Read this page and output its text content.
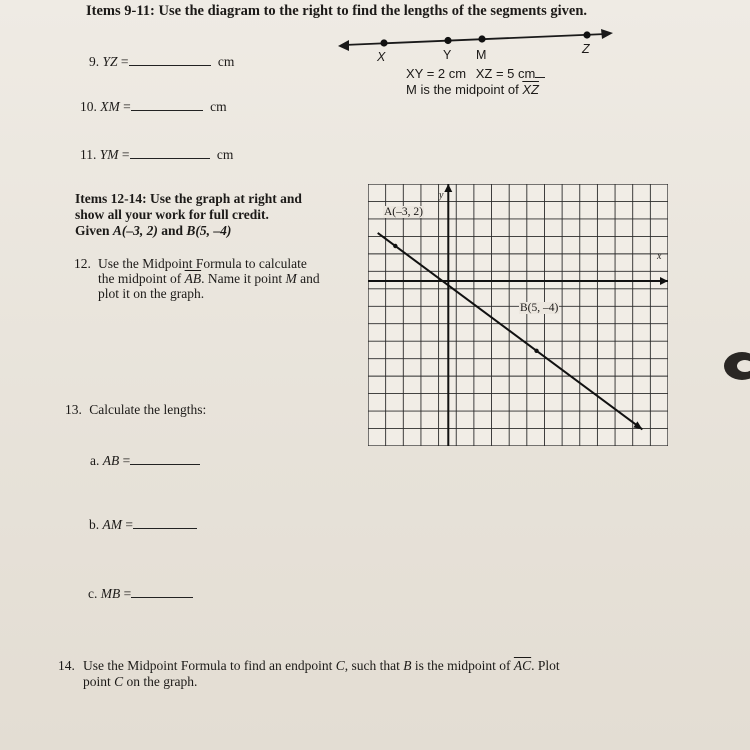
Items 9-11: Use the diagram to the right to find the lengths of the segments given.
9. YZ =	cm
10. XM =	cm
11. YM =	cm
X	Y M	Z
XY = 2 cm XZ = 5 cm
M is the midpoint of $\overline{XZ}$
Items 12-14: Use the graph at right and
show all your work for full credit.
Given A(–3, 2) and B(5, –4)
12. Use the Midpoint Formula to calculate
the midpoint of $\overline{AB}$. Name it point M and
plot it on the graph.
A(–3, 2)
B(5, –4)
y
x
13. Calculate the lengths:
a. AB =
b. AM =
c. MB =
14. Use the Midpoint Formula to find an endpoint C, such that B is the midpoint of $\overline{AC}$. Plot
point C on the graph.
